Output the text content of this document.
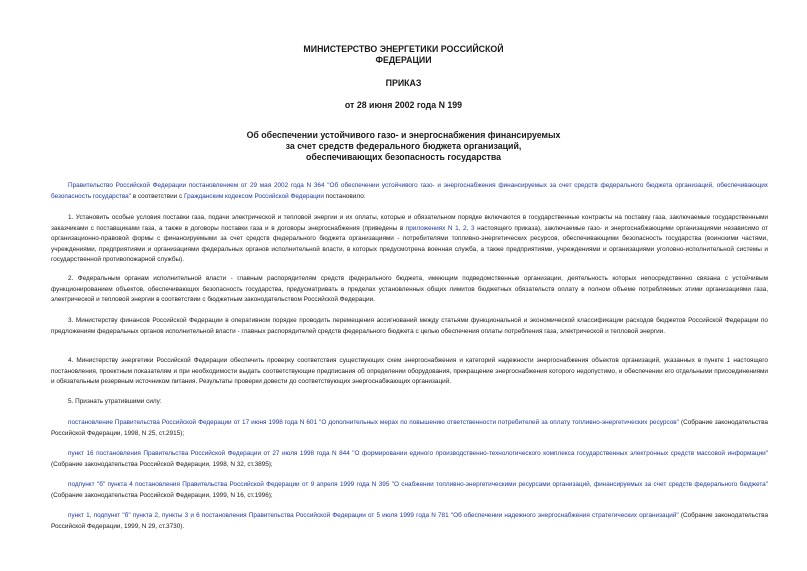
МИНИСТЕРСТВО ЭНЕРГЕТИКИ РОССИЙСКОЙ
ФЕДЕРАЦИИ
ПРИКАЗ
от 28 июня 2002 года N 199
Об обеспечении устойчивого газо- и энергоснабжения финансируемых
за счет средств федерального бюджета организаций,
обеспечивающих безопасность государства
Правительство Российской Федерации постановлением от 29 мая 2002 года N 364 "Об обеспечении устойчивого газо- и энергоснабжения финансируемых за счет средств федерального бюджета организаций, обеспечивающих безопасность государства" в соответствии с Гражданским кодексом Российской Федерации постановило:
1. Установить особые условия поставки газа, подачи электрической и тепловой энергии и их оплаты, которые и обязательном порядке включаются в государственные контракты на поставку газа, заключаемые государственными заказчиками с поставщиками газа, а также в договоры поставки газа и в договоры энергоснабжения (приведены в приложениях N 1, 2, 3 настоящего приказа), заключаемые газо- и энергоснабжающими организациями независимо от организационно-правовой формы с финансируемыми за счет средств федерального бюджета организациями - потребителями топливно-энергетических ресурсов, обеспечивающими безопасность государства (воинскими частями, учреждениями, предприятиями и организациями федеральных органов исполнительной власти, в которых предусмотрена военная служба, а также предприятиями, учреждениями и организациями уголовно-исполнительной системы и государственной противопожарной службы).
2. Федеральным органам исполнительной власти - главным распорядителям средств федерального бюджета, имеющим подведомственные организации, деятельность которых непосредственно связана с устойчивым функционированием объектов, обеспечивающих безопасность государства, предусматривать в пределах установленных общих лимитов бюджетных обязательств оплату в полном объеме потребляемых этими организациями газа, электрической и тепловой энергии в соответствии с бюджетным законодательством Российской Федерации.
3. Министерству финансов Российской Федерации в оперативном порядке проводить перемещения ассигнований между статьями функциональной и экономической классификации расходов бюджетов Российской Федерации по предложениям федеральных органов исполнительной власти - главных распорядителей средств федерального бюджета с целью обеспечения оплаты потребления газа, электрической и тепловой энергии.
4. Министерству энергетики Российской Федерации обеспечить проверку соответствия существующих схем энергоснабжения и категорий надежности энергоснабжения объектов организаций, указанных в пункте 1 настоящего постановления, проектным показателям и при необходимости выдать соответствующие предписания об определении оборудования, прекращение энергоснабжения которого недопустимо, и обеспечении его отдельными присоединениями и обязательным резервным источником питания. Результаты проверки довести до соответствующих энергоснабжающих организаций.
5. Признать утратившими силу:
постановление Правительства Российской Федерации от 17 июня 1998 года N 601 "О дополнительных мерах по повышению ответственности потребителей за оплату топливно-энергетических ресурсов" (Собрание законодательства Российской Федерации, 1998, N 25, ст.2915);
пункт 16 постановления Правительства Российской Федерации от 27 июля 1998 года N 844 "О формировании единого производственно-технологического комплекса государственных электронных средств массовой информации" (Собрание законодательства Российской Федерации, 1998, N 32, ст.3895);
подпункт "б" пункта 4 постановления Правительства Российской Федерации от 9 апреля 1999 года N 395 "О снабжении топливно-энергетическими ресурсами организаций, финансируемых за счет средств федерального бюджета" (Собрание законодательства Российской Федерации, 1999, N 16, ст.1996);
пункт 1, подпункт "б" пункта 2, пункты 3 и 6 постановления Правительства Российской Федерации от 5 июля 1999 года N 781 "Об обеспечении надежного энергоснабжения стратегических организаций" (Собрание законодательства Российской Федерации, 1999, N 29, ст.3730).
